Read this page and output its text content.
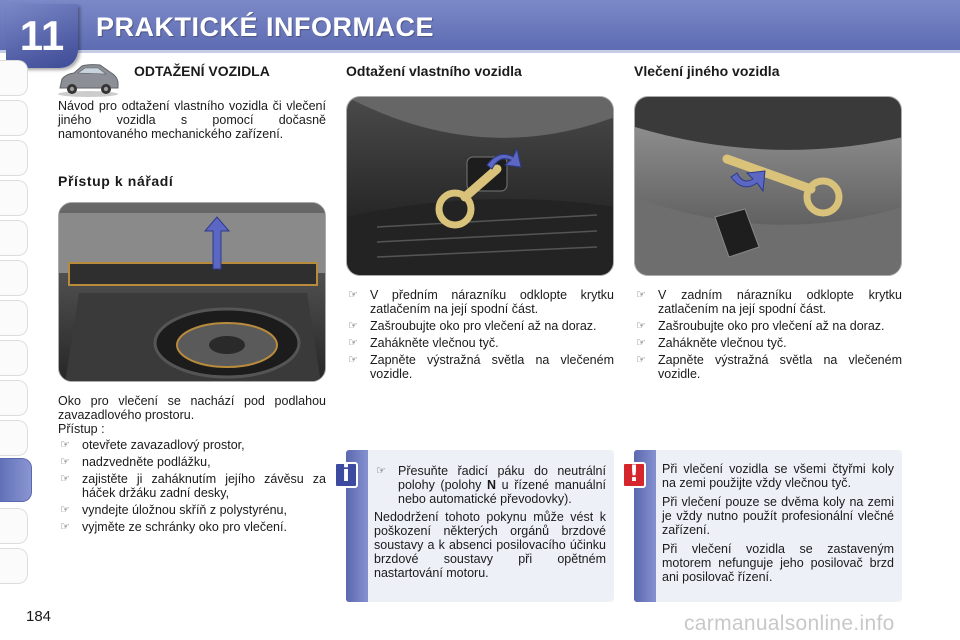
11	PRAKTICKÉ INFORMACE
ODTAŽENÍ VOZIDLA

Návod pro odtažení vlastního vozidla či vlečení jiného vozidla s pomocí dočasně namontovaného mechanického zařízení.

Přístup k nářadí

Oko pro vlečení se nachází pod podlahou zavazadlového prostoru.

Přístup :

☞ otevřete zavazadlový prostor,
☞ nadzvedněte podlážku,
☞ zajistěte ji zaháknutím jejího závěsu za háček držáku zadní desky,
☞ vyndejte úložnou skříň z polystyrénu,
☞ vyjměte ze schránky oko pro vlečení.
Odtažení vlastního vozidla
☞ V předním nárazníku odklopte krytku zatlačením na její spodní část.
☞ Zašroubujte oko pro vlečení až na doraz.
☞ Zahákněte vlečnou tyč.
☞ Zapněte výstražná světla na vlečeném vozidle.
Vlečení jiného vozidla
☞ V zadním nárazníku odklopte krytku zatlačením na její spodní část.
☞ Zašroubujte oko pro vlečení až na doraz.
☞ Zahákněte vlečnou tyč.
☞ Zapněte výstražná světla na vlečeném vozidle.
i
☞	Přesuňte řadicí páku do neutrální polohy (polohy N u řízené manuální nebo automatické převodovky).

Nedodržení tohoto pokynu může vést k poškození některých orgánů brzdové soustavy a k absenci posilovacího účinku brzdové soustavy při opětném nastartování motoru.

!	Při vlečení vozidla se všemi čtyřmi koly na zemi použijte vždy vlečnou tyč.

Při vlečení pouze se dvěma koly na zemi je vždy nutno použít profesionální vlečné zařízení.

Při vlečení vozidla se zastaveným motorem nefunguje jeho posilovač brzd ani posilovač řízení.

184	carmanualsonline.info
